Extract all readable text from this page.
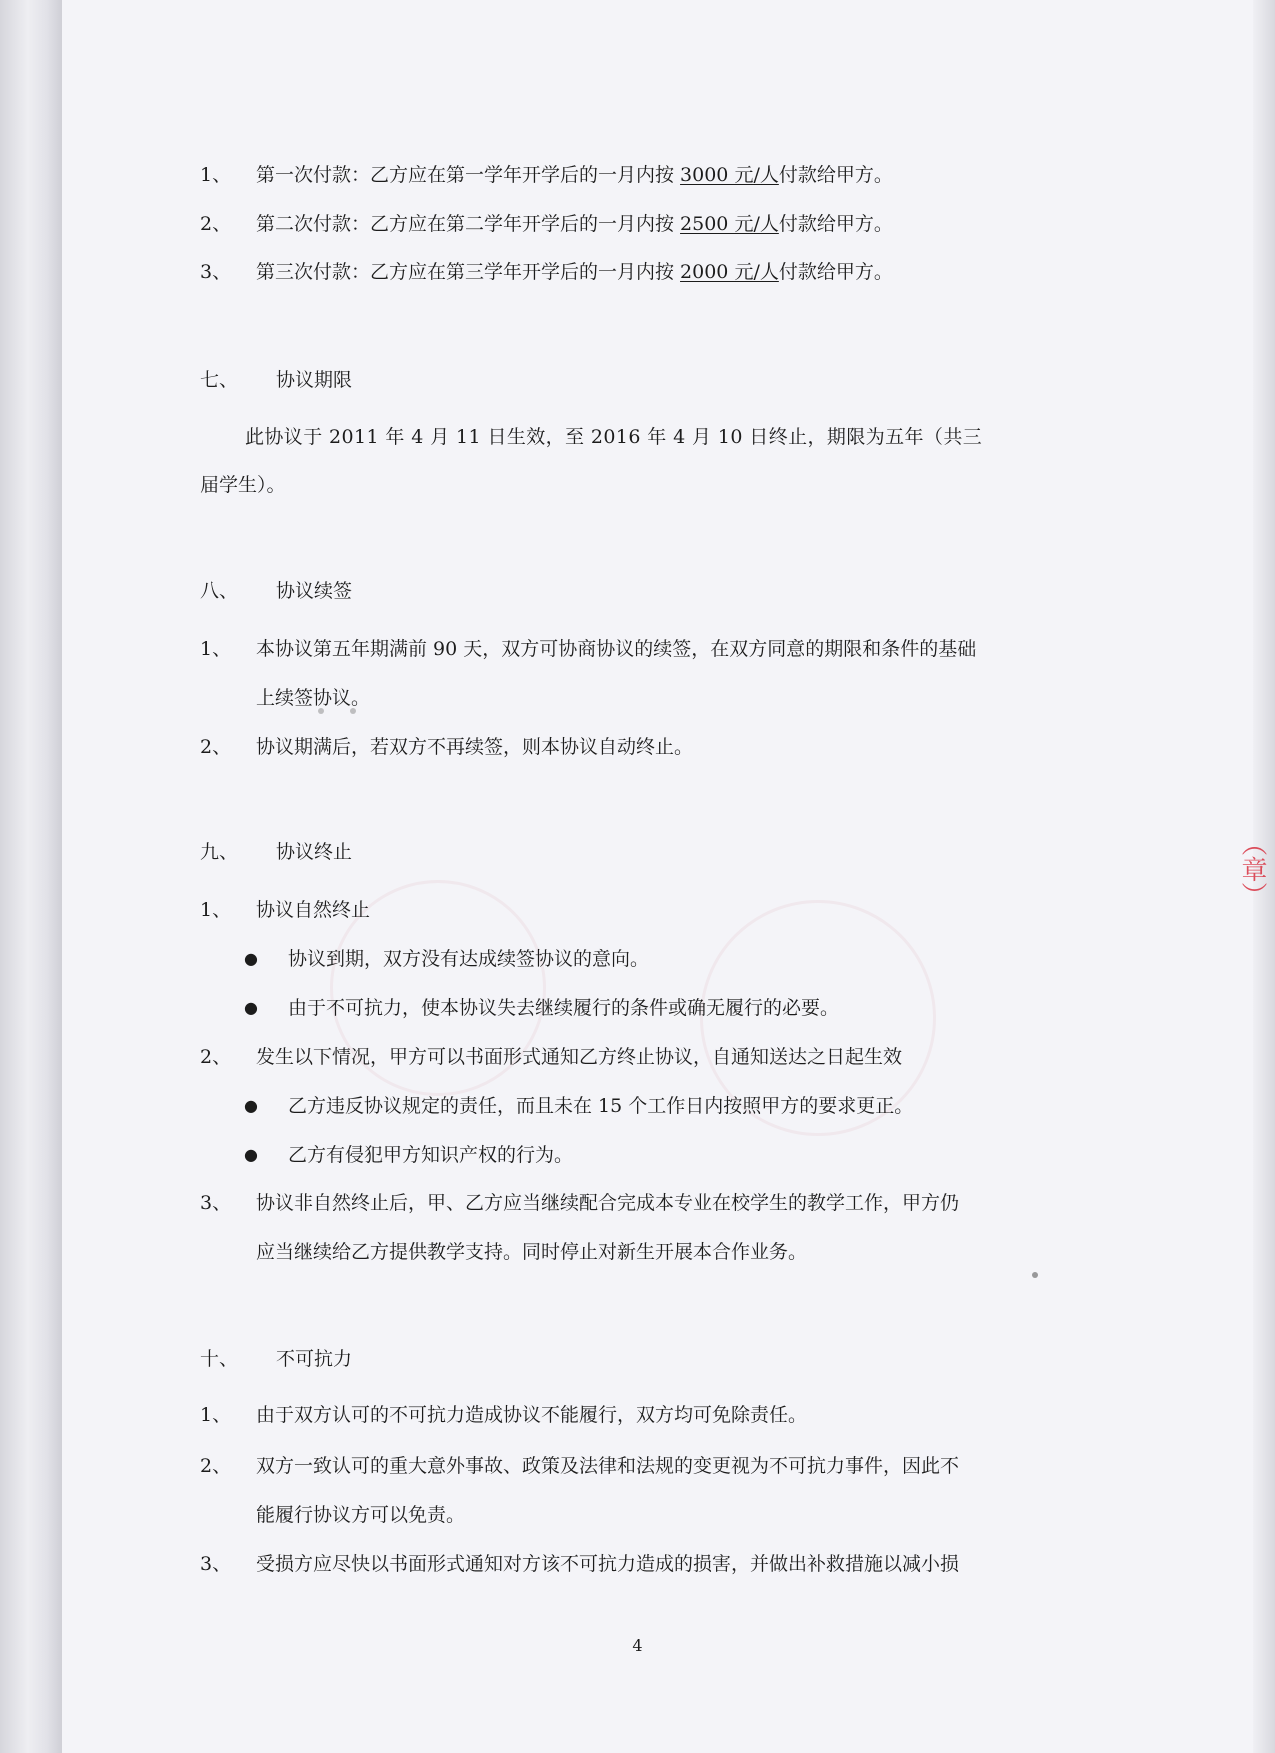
1、 第一次付款：乙方应在第一学年开学后的一月内按 3000 元/人付款给甲方。
2、 第二次付款：乙方应在第二学年开学后的一月内按 2500 元/人付款给甲方。
3、 第三次付款：乙方应在第三学年开学后的一月内按 2000 元/人付款给甲方。
七、 协议期限
此协议于 2011 年 4 月 11 日生效，至 2016 年 4 月 10 日终止，期限为五年（共三
届学生）。
八、 协议续签
1、 本协议第五年期满前 90 天，双方可协商协议的续签，在双方同意的期限和条件的基础
上续签协议。
2、 协议期满后，若双方不再续签，则本协议自动终止。
九、 协议终止
1、 协议自然终止
● 协议到期，双方没有达成续签协议的意向。
● 由于不可抗力，使本协议失去继续履行的条件或确无履行的必要。
2、 发生以下情况，甲方可以书面形式通知乙方终止协议，自通知送达之日起生效
● 乙方违反协议规定的责任，而且未在 15 个工作日内按照甲方的要求更正。
● 乙方有侵犯甲方知识产权的行为。
3、 协议非自然终止后，甲、乙方应当继续配合完成本专业在校学生的教学工作，甲方仍
应当继续给乙方提供教学支持。同时停止对新生开展本合作业务。
十、 不可抗力
1、 由于双方认可的不可抗力造成协议不能履行，双方均可免除责任。
2、 双方一致认可的重大意外事故、政策及法律和法规的变更视为不可抗力事件，因此不
能履行协议方可以免责。
3、 受损方应尽快以书面形式通知对方该不可抗力造成的损害，并做出补救措施以减小损
4
（章）
